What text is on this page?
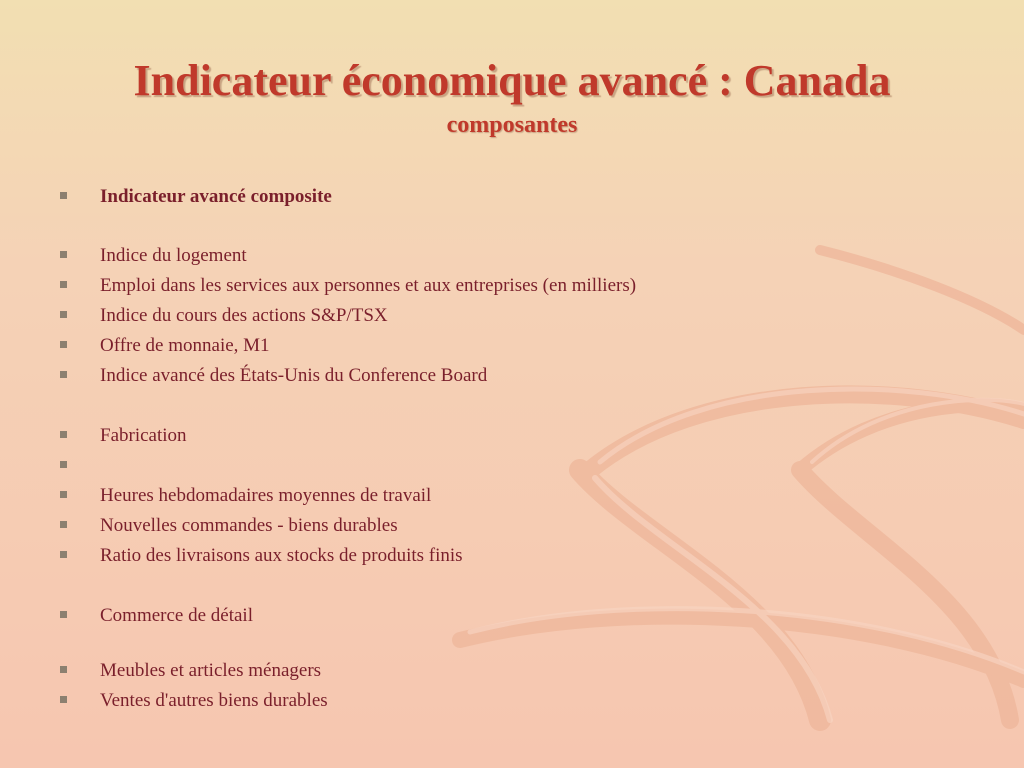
Indicateur économique avancé : Canada
composantes
Indicateur avancé composite
Indice du logement
Emploi dans les services aux personnes et aux entreprises (en milliers)
Indice du cours des actions S&P/TSX
Offre de monnaie, M1
Indice avancé des États-Unis du Conference Board
Fabrication
Heures hebdomadaires moyennes de travail
Nouvelles commandes - biens durables
Ratio des livraisons aux stocks de produits finis
Commerce de détail
Meubles et articles ménagers
Ventes d'autres biens durables
